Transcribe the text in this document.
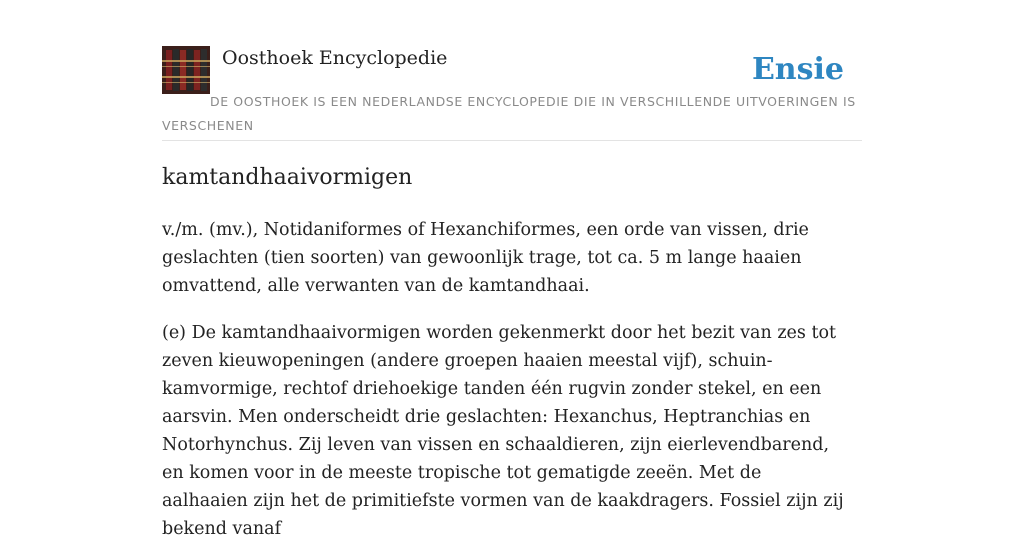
Oosthoek Encyclopedie	Ensie
DE OOSTHOEK IS EEN NEDERLANDSE ENCYCLOPEDIE DIE IN VERSCHILLENDE UITVOERINGEN IS VERSCHENEN
kamtandhaaivormigen

v./m. (mv.), Notidaniformes of Hexanchiformes, een orde van vissen, drie geslachten (tien soorten) van gewoonlijk trage, tot ca. 5 m lange haaien omvattend, alle verwanten van de kamtandhaai.

(e) De kamtandhaaivormigen worden gekenmerkt door het bezit van zes tot zeven kieuwopeningen (andere groepen haaien meestal vijf), schuin-kamvormige, rechtof driehoekige tanden één rugvin zonder stekel, en een aarsvin. Men onderscheidt drie geslachten: Hexanchus, Heptranchias en Notorhynchus. Zij leven van vissen en schaaldieren, zijn eierlevendbarend, en komen voor in de meeste tropische tot gematigde zeeën. Met de aalhaaien zijn het de primitiefste vormen van de kaakdragers. Fossiel zijn zij bekend vanaf
